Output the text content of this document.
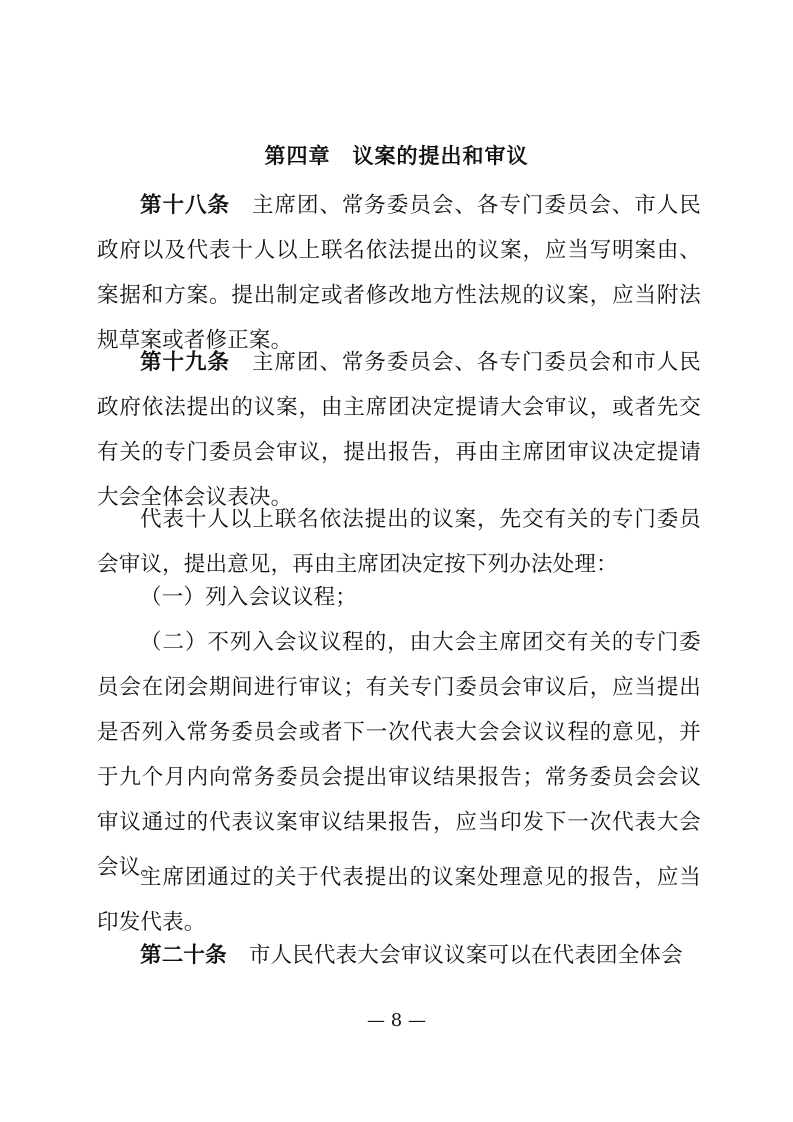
第四章　议案的提出和审议
第十八条 主席团、常务委员会、各专门委员会、市人民政府以及代表十人以上联名依法提出的议案，应当写明案由、案据和方案。提出制定或者修改地方性法规的议案，应当附法规草案或者修正案。
第十九条 主席团、常务委员会、各专门委员会和市人民政府依法提出的议案，由主席团决定提请大会审议，或者先交有关的专门委员会审议，提出报告，再由主席团审议决定提请大会全体会议表决。
代表十人以上联名依法提出的议案，先交有关的专门委员会审议，提出意见，再由主席团决定按下列办法处理：
（一）列入会议议程；
（二）不列入会议议程的，由大会主席团交有关的专门委员会在闭会期间进行审议；有关专门委员会审议后，应当提出是否列入常务委员会或者下一次代表大会会议议程的意见，并于九个月内向常务委员会提出审议结果报告；常务委员会会议审议通过的代表议案审议结果报告，应当印发下一次代表大会会议。
主席团通过的关于代表提出的议案处理意见的报告，应当印发代表。
第二十条 市人民代表大会审议议案可以在代表团全体会
— 8 —
